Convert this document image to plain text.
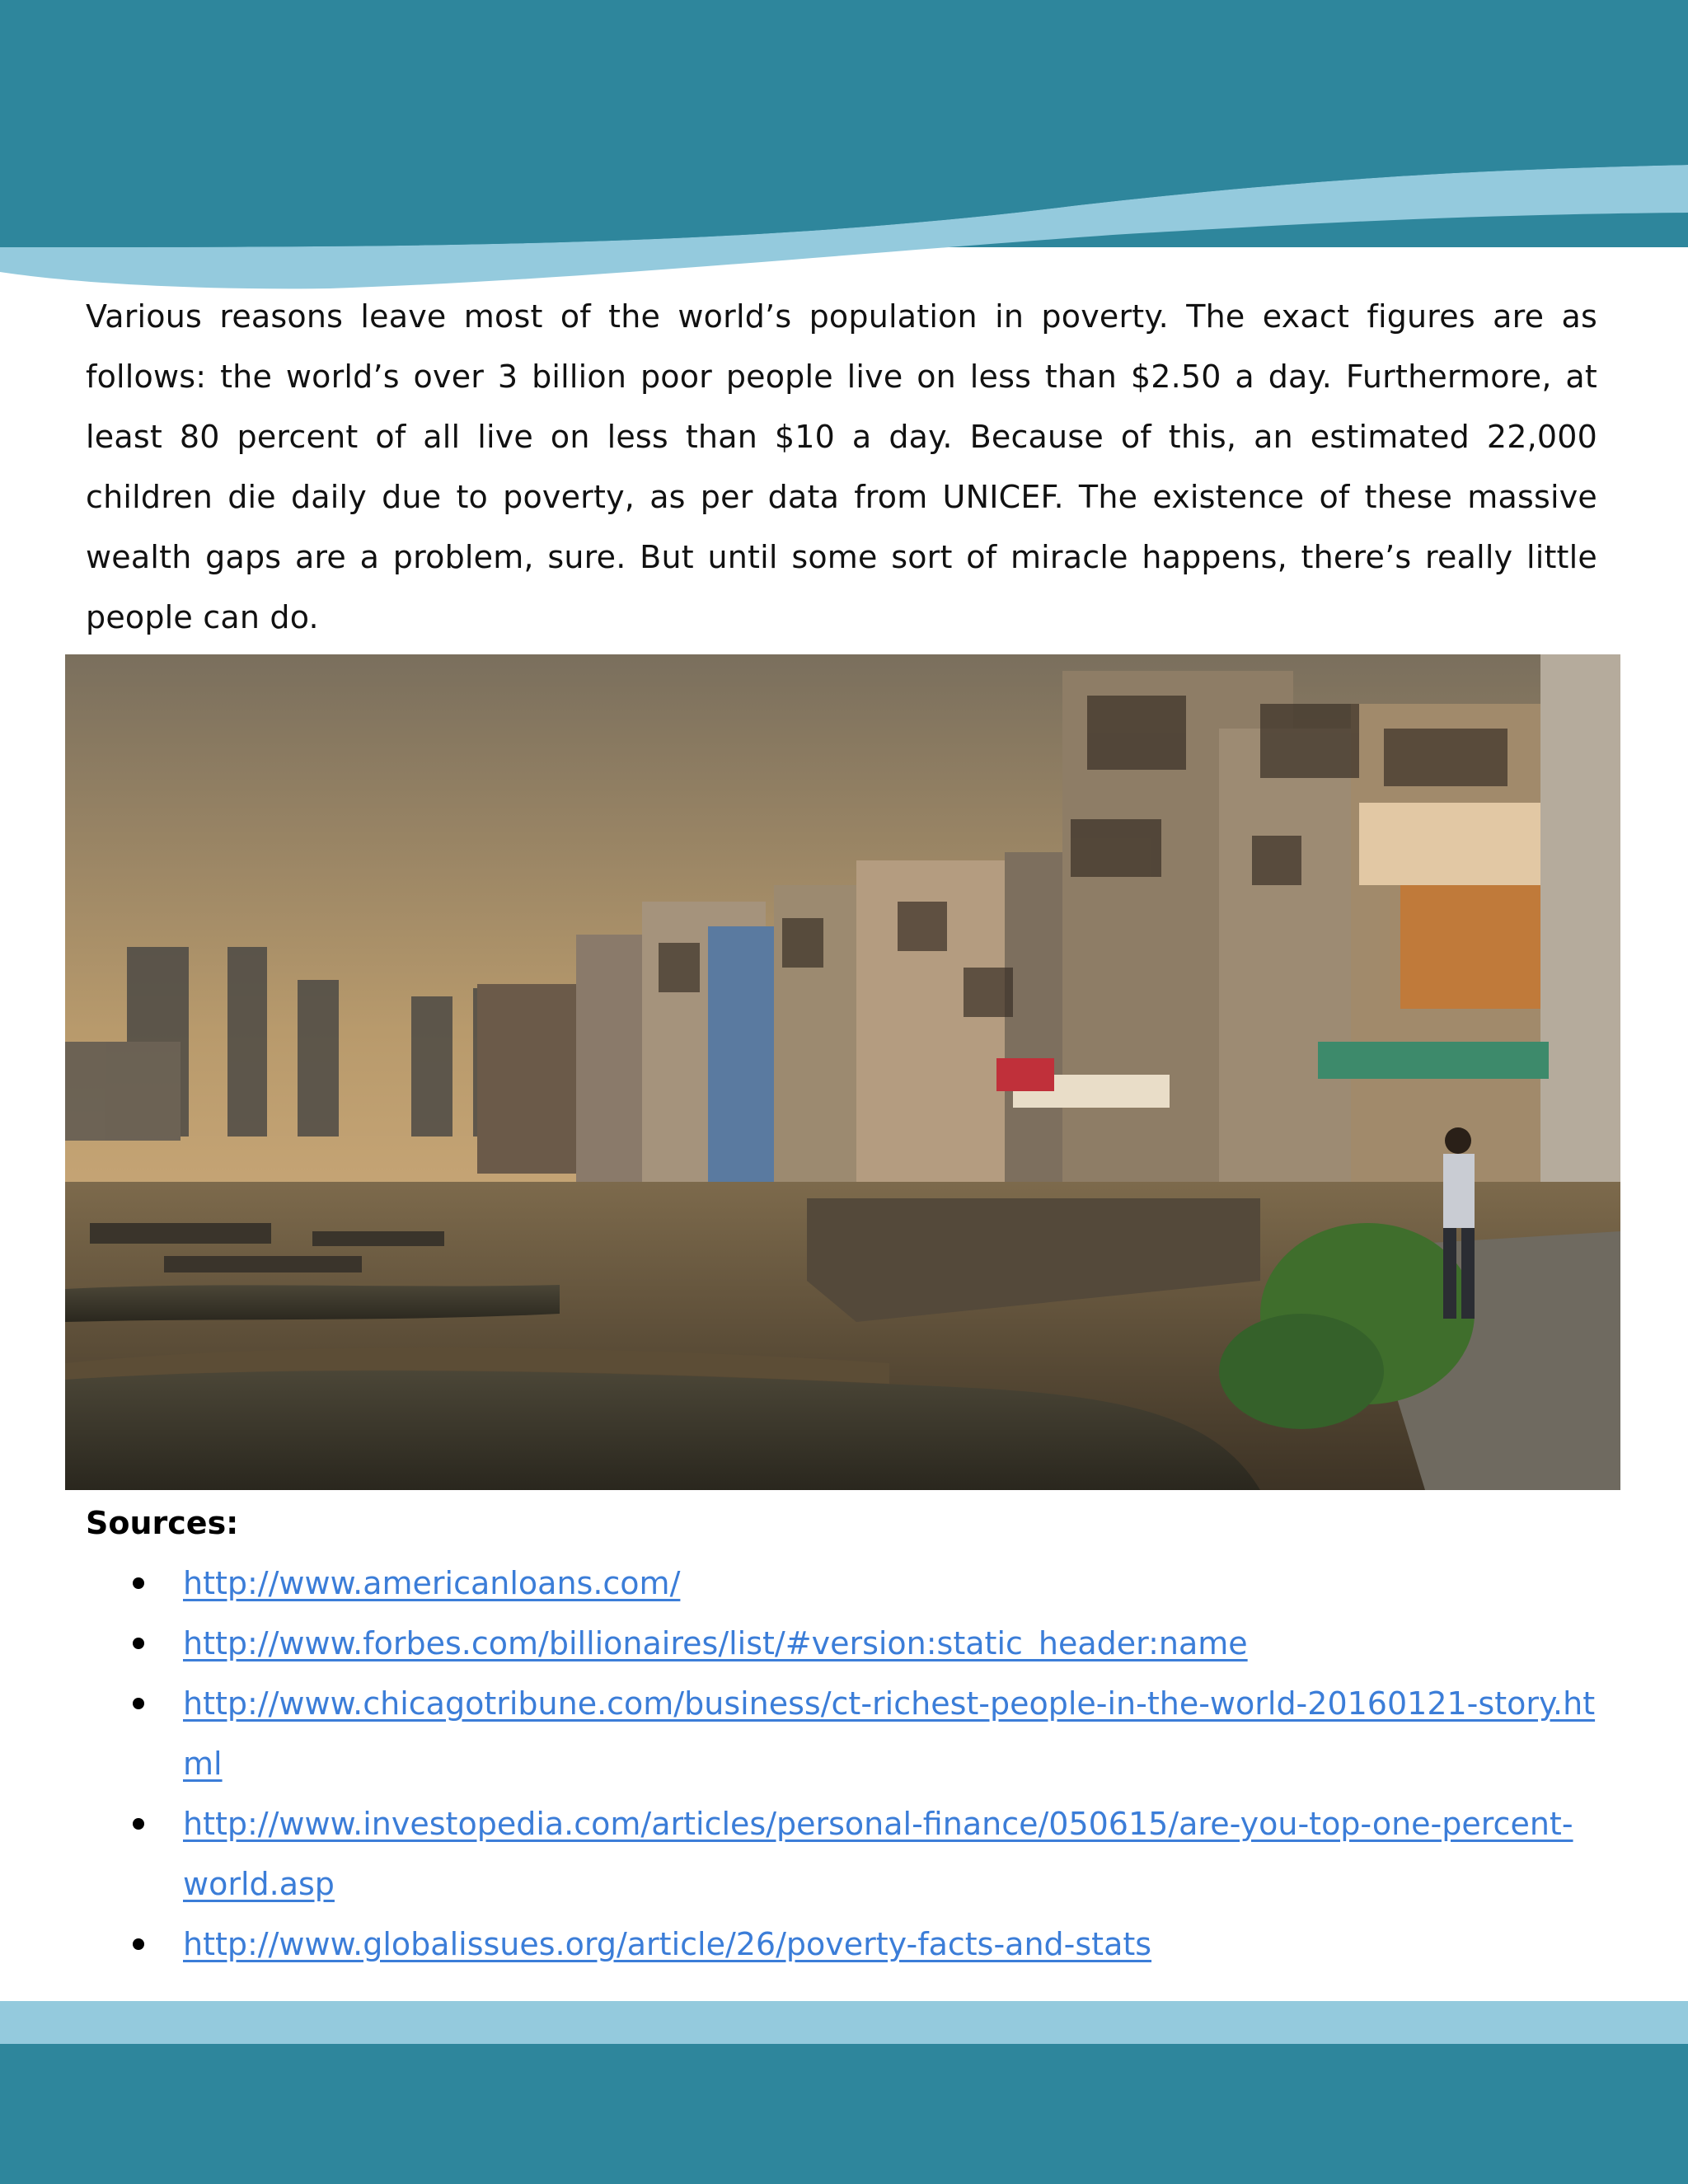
Various reasons leave most of the world’s population in poverty. The exact figures are as follows: the world’s over 3 billion poor people live on less than $2.50 a day. Furthermore, at least 80 percent of all live on less than $10 a day. Because of this, an estimated 22,000 children die daily due to poverty, as per data from UNICEF. The existence of these massive wealth gaps are a problem, sure. But until some sort of miracle happens, there’s really little people can do.

Sources:
http://www.americanloans.com/
http://www.forbes.com/billionaires/list/#version:static_header:name
http://www.chicagotribune.com/business/ct-richest-people-in-the-world-20160121-story.html
http://www.investopedia.com/articles/personal-finance/050615/are-you-top-one-percent-world.asp
http://www.globalissues.org/article/26/poverty-facts-and-stats
